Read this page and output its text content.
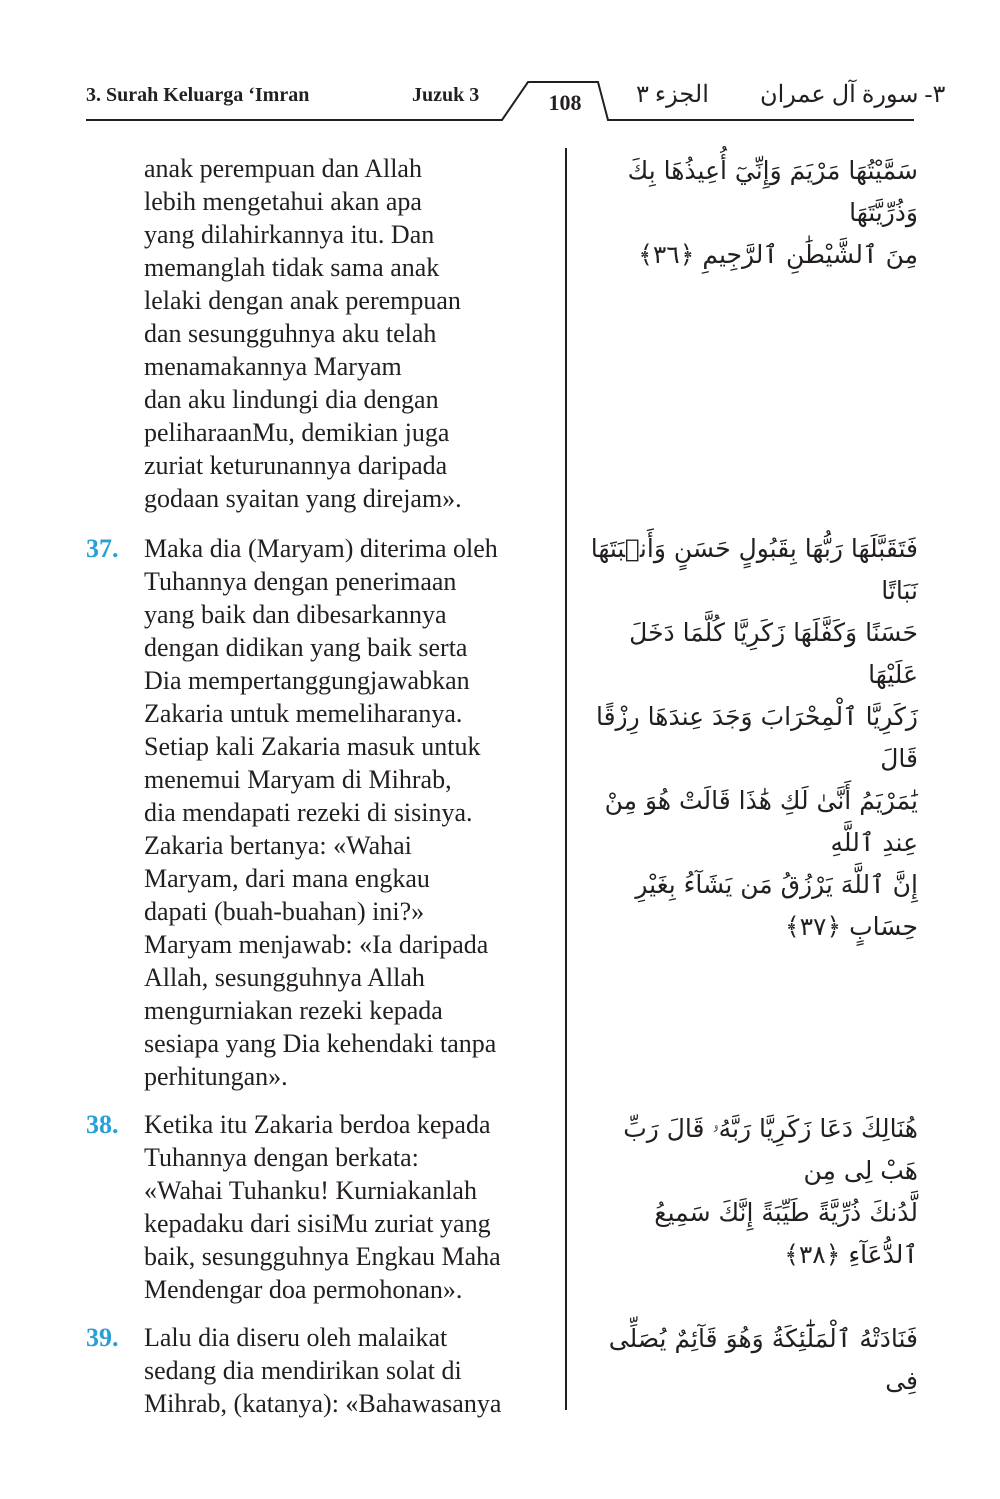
3. Surah Keluarga ‘Imran	Juzuk 3	108	الجزء ٣ ٣- سورة آل عمران
anak perempuan dan Allah
lebih mengetahui akan apa
yang dilahirkannya itu. Dan
memanglah tidak sama anak
lelaki dengan anak perempuan
dan sesungguhnya aku telah
menamakannya Maryam
dan aku lindungi dia dengan
peliharaanMu, demikian juga
zuriat keturunannya daripada
godaan syaitan yang direjam».
سَمَّيْتُهَا مَرْيَمَ وَإِنِّيٓ أُعِيذُهَا بِكَ وَذُرِّيَّتَهَا
مِنَ ٱلشَّيْطَٰنِ ٱلرَّجِيمِ ﴿٣٦﴾
37. Maka dia (Maryam) diterima oleh
Tuhannya dengan penerimaan
yang baik dan dibesarkannya
dengan didikan yang baik serta
Dia mempertanggungjawabkan
Zakaria untuk memeliharanya.
Setiap kali Zakaria masuk untuk
menemui Maryam di Mihrab,
dia mendapati rezeki di sisinya.
Zakaria bertanya: «Wahai
Maryam, dari mana engkau
dapati (buah-buahan) ini?»
Maryam menjawab: «Ia daripada
Allah, sesungguhnya Allah
mengurniakan rezeki kepada
sesiapa yang Dia kehendaki tanpa
perhitungan».
فَتَقَبَّلَهَا رَبُّهَا بِقَبُولٍ حَسَنٍ وَأَنۢبَتَهَا نَبَاتًا
حَسَنًا وَكَفَّلَهَا زَكَرِيَّا كُلَّمَا دَخَلَ عَلَيْهَا
زَكَرِيَّا ٱلْمِحْرَابَ وَجَدَ عِندَهَا رِزْقًا قَالَ
يَٰمَرْيَمُ أَنَّىٰ لَكِ هَٰذَا قَالَتْ هُوَ مِنْ عِندِ ٱللَّهِ
إِنَّ ٱللَّهَ يَرْزُقُ مَن يَشَآءُ بِغَيْرِ حِسَابٍ ﴿٣٧﴾
38. Ketika itu Zakaria berdoa kepada
Tuhannya dengan berkata:
«Wahai Tuhanku! Kurniakanlah
kepadaku dari sisiMu zuriat yang
baik, sesungguhnya Engkau Maha
Mendengar doa permohonan».
هُنَالِكَ دَعَا زَكَرِيَّا رَبَّهُۥ قَالَ رَبِّ هَبْ لِى مِن
لَّدُنكَ ذُرِّيَّةً طَيِّبَةً إِنَّكَ سَمِيعُ ٱلدُّعَآءِ ﴿٣٨﴾
39. Lalu dia diseru oleh malaikat
sedang dia mendirikan solat di
Mihrab, (katanya): «Bahawasanya
فَنَادَتْهُ ٱلْمَلَٰٓئِكَةُ وَهُوَ قَآئِمٌ يُصَلِّى فِى
